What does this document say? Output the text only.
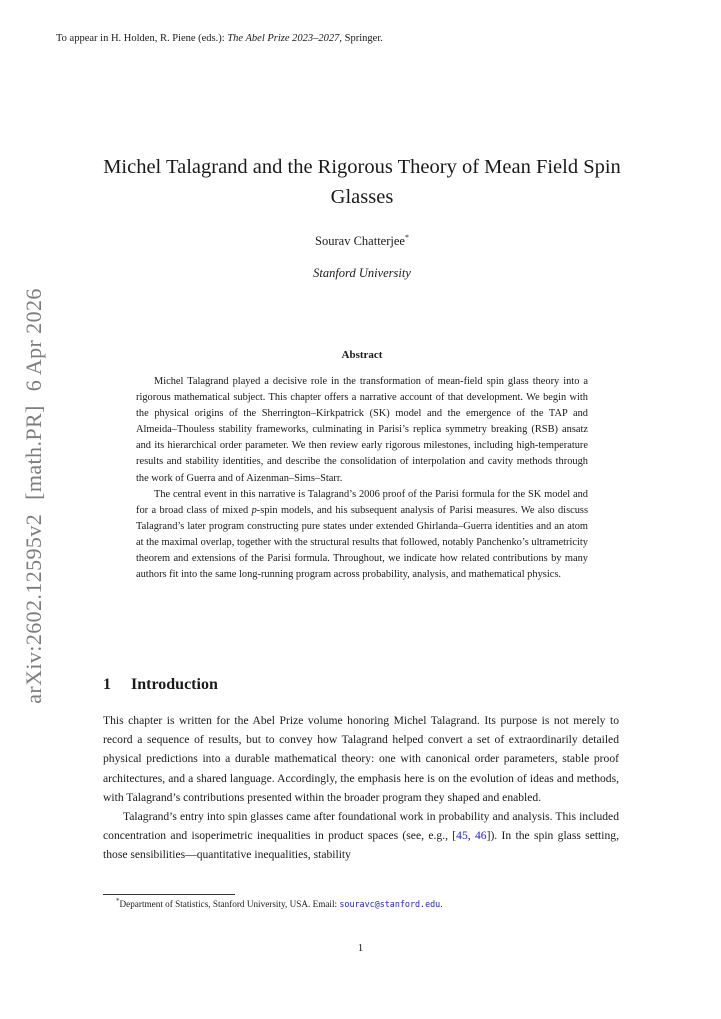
To appear in H. Holden, R. Piene (eds.): The Abel Prize 2023–2027, Springer.
arXiv:2602.12595v2[math.PR]6 Apr 2026
Michel Talagrand and the Rigorous Theory of Mean Field Spin Glasses
Sourav Chatterjee*
Stanford University
Abstract

Michel Talagrand played a decisive role in the transformation of mean-field spin glass theory into a rigorous mathematical subject. This chapter offers a narrative account of that development. We begin with the physical origins of the Sherrington–Kirkpatrick (SK) model and the emergence of the TAP and Almeida–Thouless stability frameworks, culminating in Parisi’s replica symmetry breaking (RSB) ansatz and its hierarchical order parameter. We then review early rigorous milestones, including high-temperature results and stability identities, and describe the consolidation of interpolation and cavity methods through the work of Guerra and of Aizenman–Sims–Starr.

The central event in this narrative is Talagrand’s 2006 proof of the Parisi formula for the SK model and for a broad class of mixed p-spin models, and his subsequent analysis of Parisi measures. We also discuss Talagrand’s later program constructing pure states under extended Ghirlanda–Guerra identities and an atom at the maximal overlap, together with the structural results that followed, notably Panchenko’s ultrametricity theorem and extensions of the Parisi formula. Throughout, we indicate how related contributions by many authors fit into the same long-running program across probability, analysis, and mathematical physics.

1 Introduction

This chapter is written for the Abel Prize volume honoring Michel Talagrand. Its purpose is not merely to record a sequence of results, but to convey how Talagrand helped convert a set of extraordinarily detailed physical predictions into a durable mathematical theory: one with canonical order parameters, stable proof architectures, and a shared language. Accordingly, the emphasis here is on the evolution of ideas and methods, with Talagrand’s contributions presented within the broader program they shaped and enabled.

Talagrand’s entry into spin glasses came after foundational work in probability and analysis. This included concentration and isoperimetric inequalities in product spaces (see, e.g., [45, 46]). In the spin glass setting, those sensibilities—quantitative inequalities, stability

*Department of Statistics, Stanford University, USA. Email: souravc@stanford.edu.
1
